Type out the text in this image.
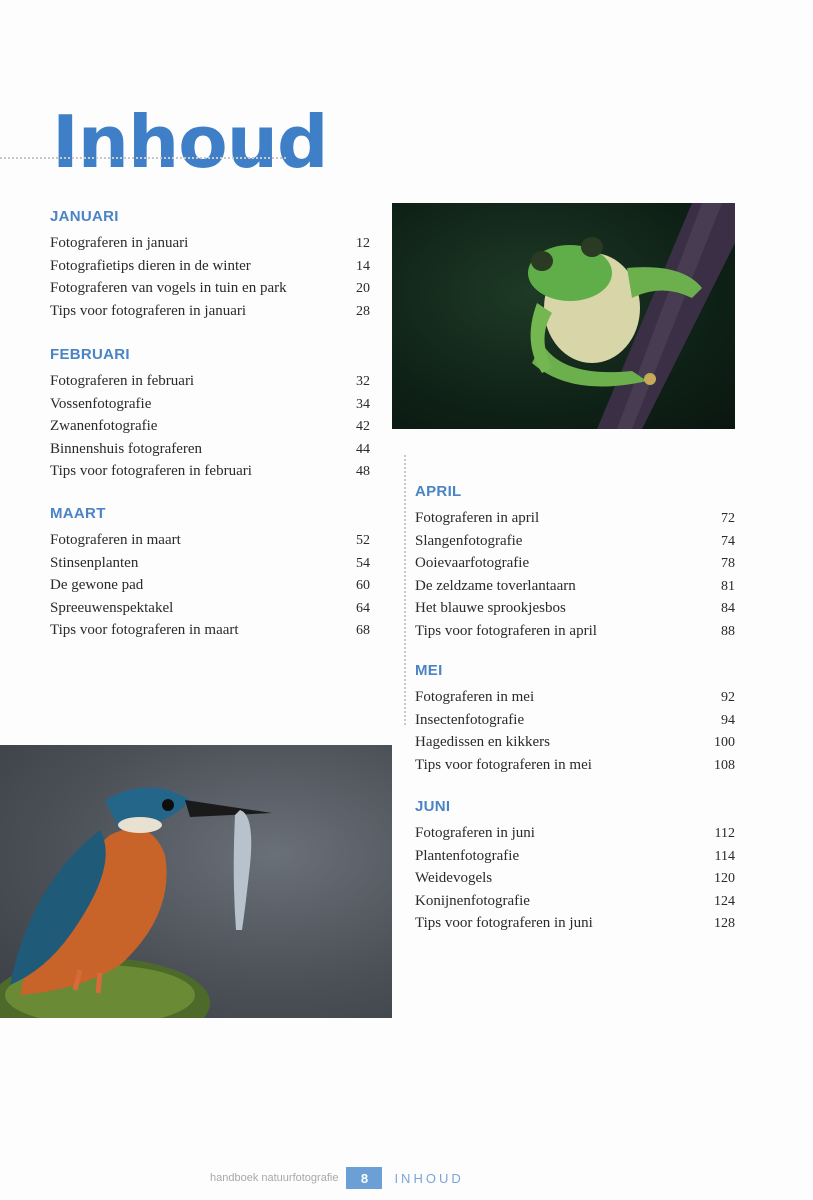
Inhoud
JANUARI
Fotograferen in januari	12
Fotografietips dieren in de winter	14
Fotograferen van vogels in tuin en park	20
Tips voor fotograferen in januari	28
FEBRUARI
Fotograferen in februari	32
Vossenfotografie	34
Zwanenfotografie	42
Binnenshuis fotograferen	44
Tips voor fotograferen in februari	48
MAART
Fotograferen in maart	52
Stinsenplanten	54
De gewone pad	60
Spreeuwenspektakel	64
Tips voor fotograferen in maart	68
APRIL
Fotograferen in april	72
Slangenfotografie	74
Ooievaarfotografie	78
De zeldzame toverlantaarn	81
Het blauwe sprookjesbos	84
Tips voor fotograferen in april	88
MEI
Fotograferen in mei	92
Insectenfotografie	94
Hagedissen en kikkers	100
Tips voor fotograferen in mei	108
JUNI
Fotograferen in juni	112
Plantenfotografie	114
Weidevogels	120
Konijnenfotografie	124
Tips voor fotograferen in juni	128
handboek natuurfotografie	8	INHOUD
